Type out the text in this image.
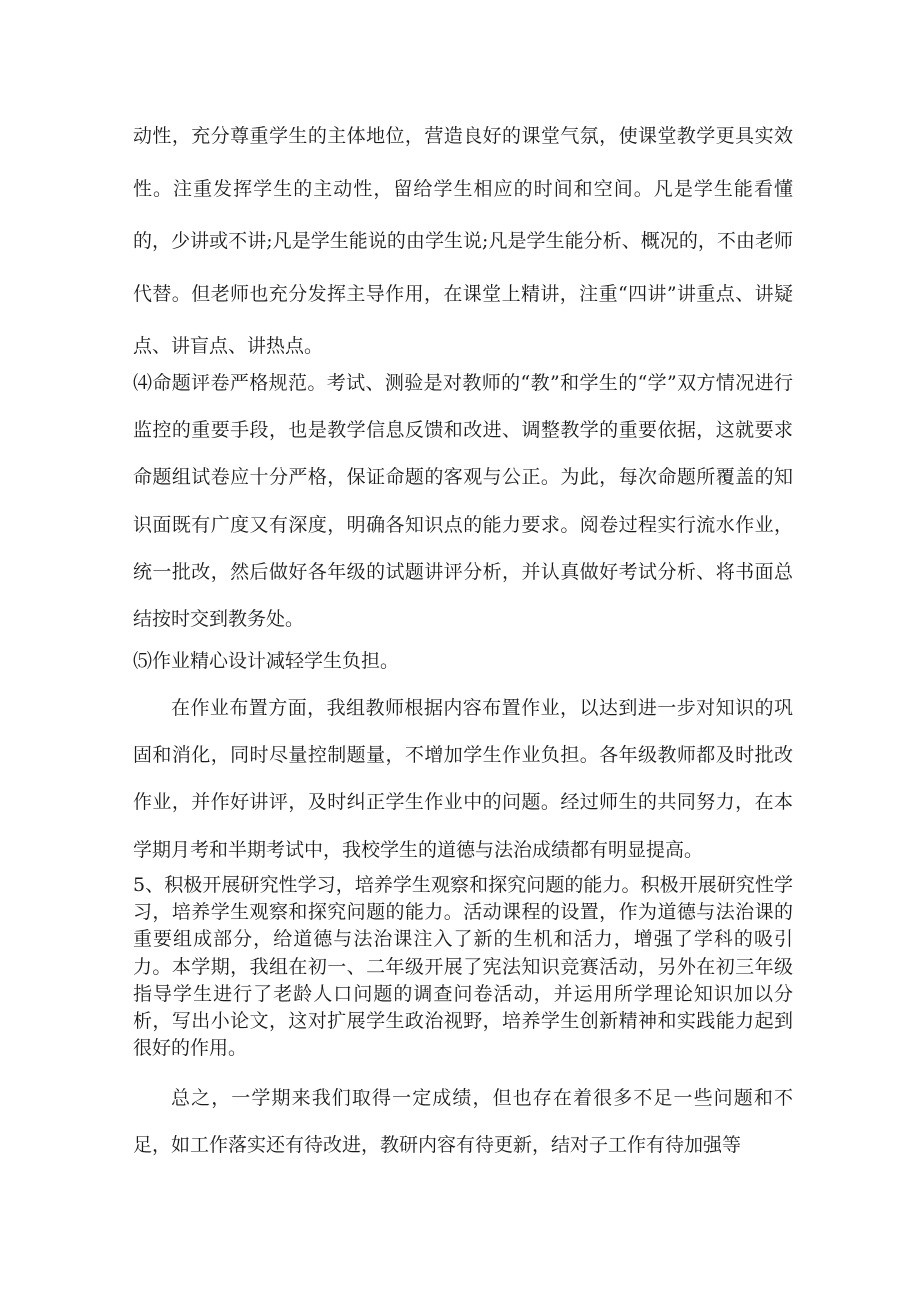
动性，充分尊重学生的主体地位，营造良好的课堂气氛，使课堂教学更具实效性。注重发挥学生的主动性，留给学生相应的时间和空间。凡是学生能看懂的，少讲或不讲;凡是学生能说的由学生说;凡是学生能分析、概况的，不由老师代替。但老师也充分发挥主导作用，在课堂上精讲，注重“四讲”讲重点、讲疑点、讲盲点、讲热点。

⑷命题评卷严格规范。考试、测验是对教师的“教”和学生的“学”双方情况进行监控的重要手段，也是教学信息反馈和改进、调整教学的重要依据，这就要求命题组试卷应十分严格，保证命题的客观与公正。为此，每次命题所覆盖的知识面既有广度又有深度，明确各知识点的能力要求。阅卷过程实行流水作业，统一批改，然后做好各年级的试题讲评分析，并认真做好考试分析、将书面总结按时交到教务处。

⑸作业精心设计减轻学生负担。

在作业布置方面，我组教师根据内容布置作业，以达到进一步对知识的巩固和消化，同时尽量控制题量，不增加学生作业负担。各年级教师都及时批改作业，并作好讲评，及时纠正学生作业中的问题。经过师生的共同努力，在本学期月考和半期考试中，我校学生的道德与法治成绩都有明显提高。

5、积极开展研究性学习，培养学生观察和探究问题的能力。积极开展研究性学习，培养学生观察和探究问题的能力。活动课程的设置，作为道德与法治课的重要组成部分，给道德与法治课注入了新的生机和活力，增强了学科的吸引力。本学期，我组在初一、二年级开展了宪法知识竞赛活动，另外在初三年级指导学生进行了老龄人口问题的调查问卷活动，并运用所学理论知识加以分析，写出小论文，这对扩展学生政治视野，培养学生创新精神和实践能力起到很好的作用。

总之，一学期来我们取得一定成绩，但也存在着很多不足一些问题和不足，如工作落实还有待改进，教研内容有待更新，结对子工作有待加强等
